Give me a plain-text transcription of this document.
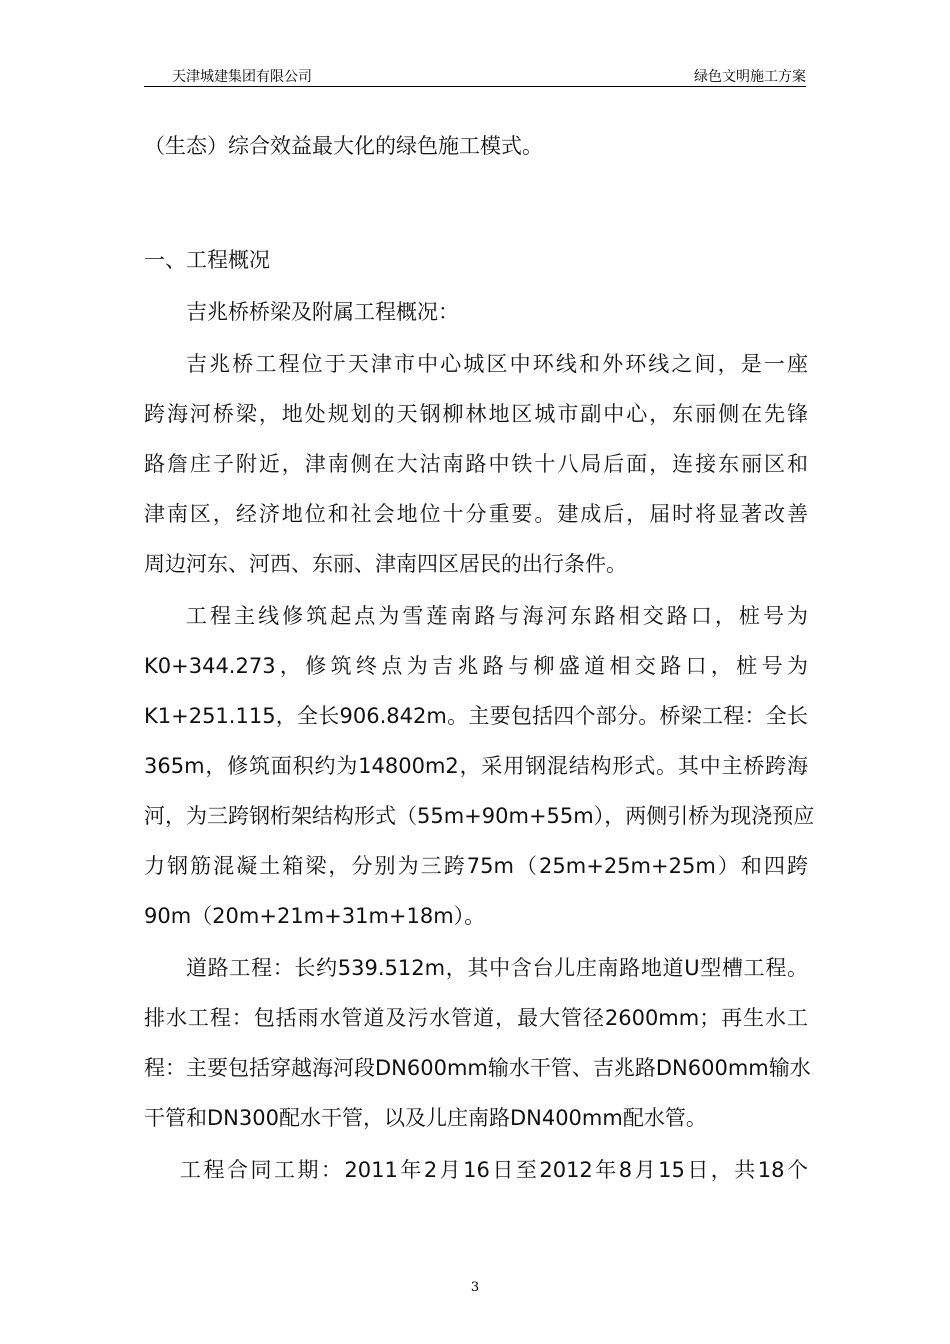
天津城建集团有限公司	绿色文明施工方案
（生态）综合效益最大化的绿色施工模式。
一、工程概况
吉兆桥桥梁及附属工程概况：
吉兆桥工程位于天津市中心城区中环线和外环线之间，是一座
跨海河桥梁，地处规划的天钢柳林地区城市副中心，东丽侧在先锋
路詹庄子附近，津南侧在大沽南路中铁十八局后面，连接东丽区和
津南区，经济地位和社会地位十分重要。建成后，届时将显著改善
周边河东、河西、东丽、津南四区居民的出行条件。
工程主线修筑起点为雪莲南路与海河东路相交路口，桩号为
K0+344.273，修筑终点为吉兆路与柳盛道相交路口，桩号为
K1+251.115，全长906.842m。主要包括四个部分。桥梁工程：全长
365m，修筑面积约为14800m2，采用钢混结构形式。其中主桥跨海
河，为三跨钢桁架结构形式（55m+90m+55m），两侧引桥为现浇预应
力钢筋混凝土箱梁，分别为三跨75m（25m+25m+25m）和四跨
90m（20m+21m+31m+18m）。
道路工程：长约539.512m，其中含台儿庄南路地道U型槽工程。
排水工程：包括雨水管道及污水管道，最大管径2600mm；再生水工
程：主要包括穿越海河段DN600mm输水干管、吉兆路DN600mm输水
干管和DN300配水干管，以及儿庄南路DN400mm配水管。
工程合同工期：2011年2月16日至2012年8月15日，共18个
3
